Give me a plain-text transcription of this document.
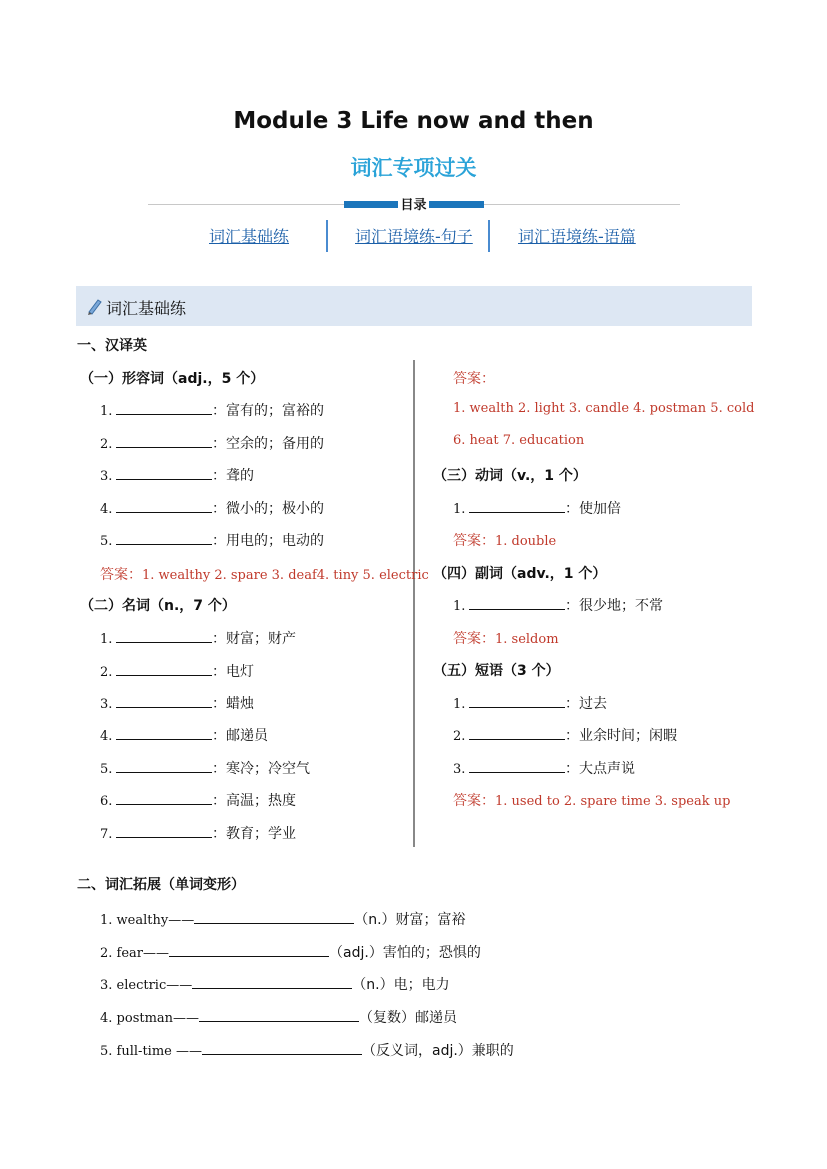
Module 3 Life now and then
词汇专项过关
目录
词汇基础练	词汇语境练-句子	词汇语境练-语篇
词汇基础练
一、汉译英
（一）形容词（adj.，5 个）
1.	：富有的；富裕的
2.	：空余的；备用的
3.	：聋的
4.	：微小的；极小的
5.	：用电的；电动的
答案：1. wealthy 2. spare 3. deaf4. tiny 5. electric
（二）名词（n.，7 个）
1.	：财富；财产
2.	：电灯
3.	：蜡烛
4.	：邮递员
5.	：寒冷；冷空气
6.	：高温；热度
7.	：教育；学业
答案：
1. wealth 2. light 3. candle 4. postman 5. cold
6. heat 7. education
（三）动词（v.，1 个）
1.	：使加倍
答案：1. double
（四）副词（adv.，1 个）
1.	：很少地；不常
答案：1. seldom
（五）短语（3 个）
1.	：过去
2.	：业余时间；闲暇
3.	：大点声说
答案：1. used to 2. spare time 3. speak up
二、词汇拓展（单词变形）
1. wealthy——	（n.）财富；富裕
2. fear——	（adj.）害怕的；恐惧的
3. electric——	（n.）电；电力
4. postman——	（复数）邮递员
5. full-time ——	（反义词，adj.）兼职的
